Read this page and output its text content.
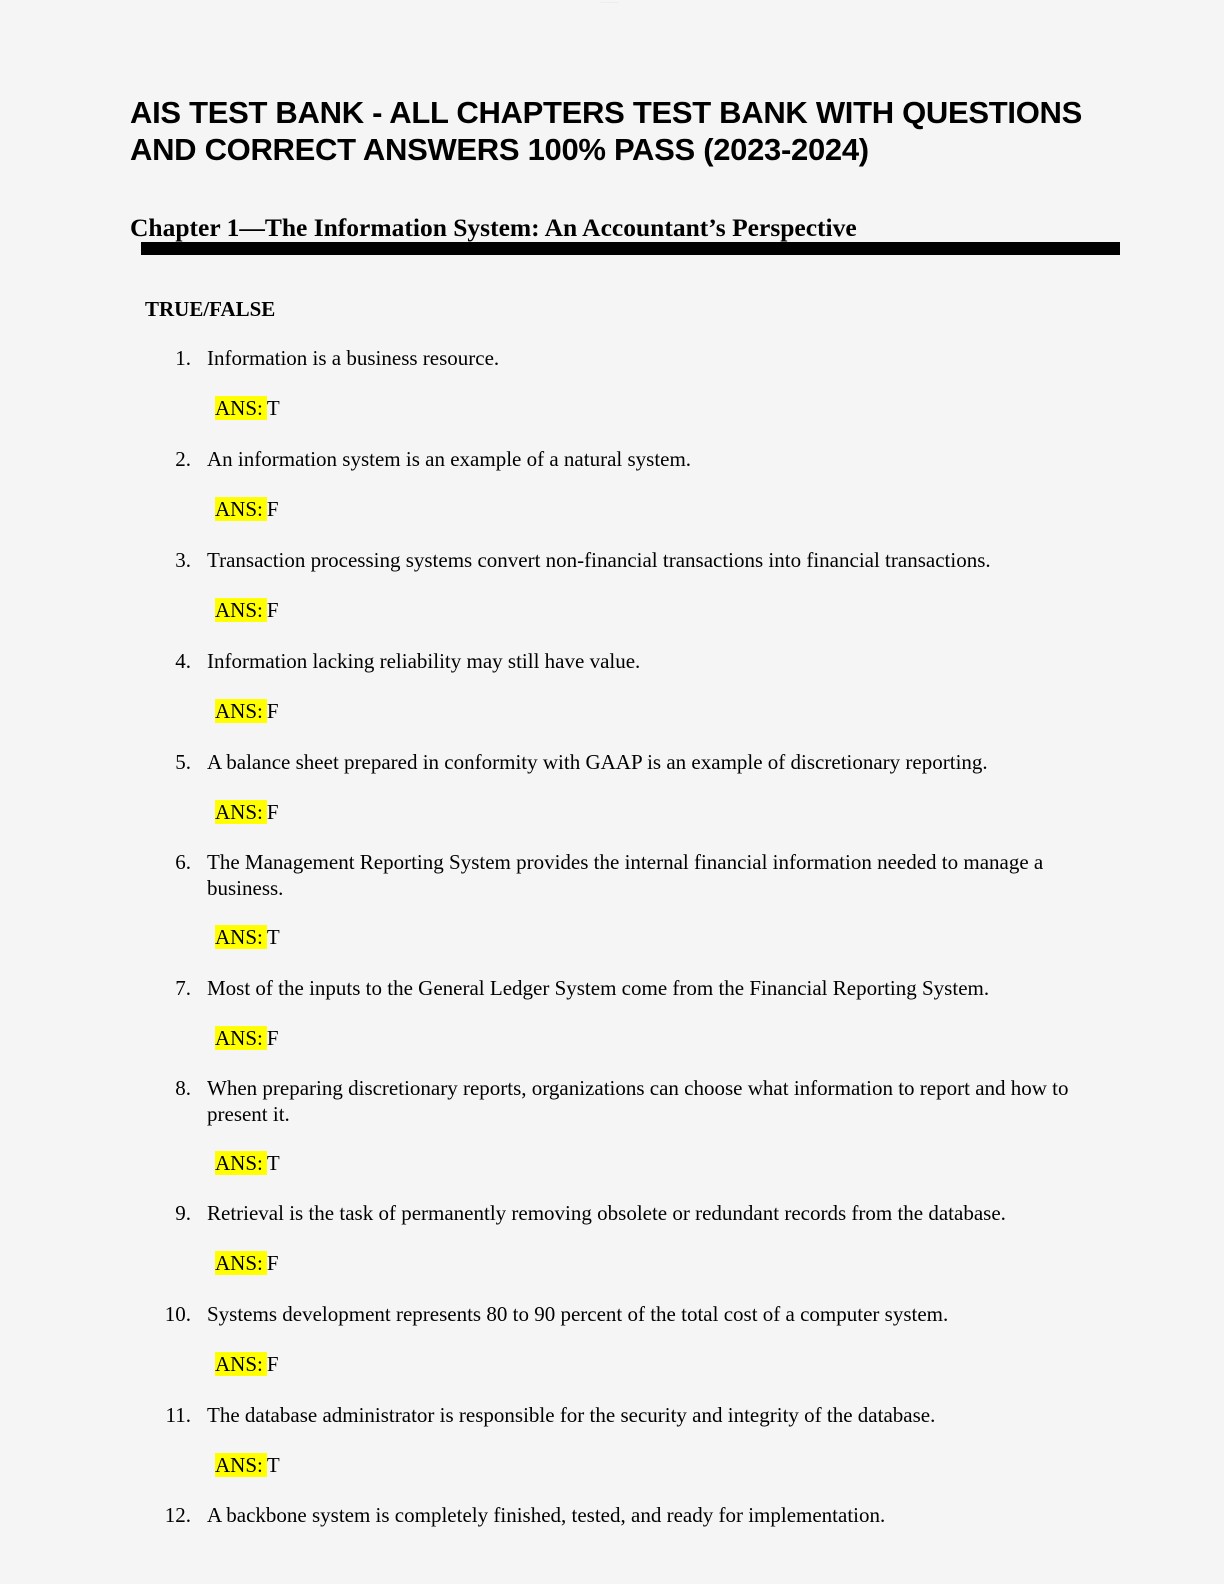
·· ··· ······ ·····
AIS TEST BANK - ALL CHAPTERS TEST BANK WITH QUESTIONS AND CORRECT ANSWERS 100% PASS (2023-2024)
Chapter 1—The Information System: An Accountant’s Perspective
TRUE/FALSE
1. Information is a business resource.
ANS: T
2. An information system is an example of a natural system.
ANS: F
3. Transaction processing systems convert non-financial transactions into financial transactions.
ANS: F
4. Information lacking reliability may still have value.
ANS: F
5. A balance sheet prepared in conformity with GAAP is an example of discretionary reporting.
ANS: F
6. The Management Reporting System provides the internal financial information needed to manage a business.
ANS: T
7. Most of the inputs to the General Ledger System come from the Financial Reporting System.
ANS: F
8. When preparing discretionary reports, organizations can choose what information to report and how to present it.
ANS: T
9. Retrieval is the task of permanently removing obsolete or redundant records from the database.
ANS: F
10. Systems development represents 80 to 90 percent of the total cost of a computer system.
ANS: F
11. The database administrator is responsible for the security and integrity of the database.
ANS: T
12. A backbone system is completely finished, tested, and ready for implementation.
